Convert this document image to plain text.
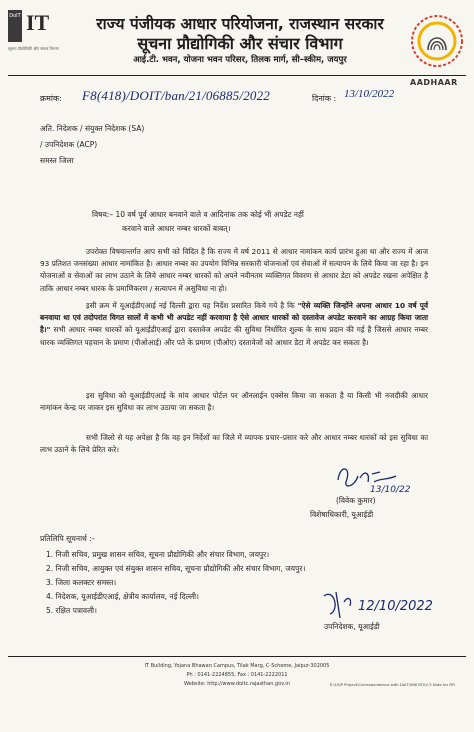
DoIT IT
सूचना प्रौद्योगिकी और संचार विभाग
राज्य पंजीयक आधार परियोजना, राजस्थान सरकार
सूचना प्रौद्योगिकी और संचार विभाग
आई.टी. भवन, योजना भवन परिसर, तिलक मार्ग, सी–स्कीम, जयपुर
AADHAAR
क्रमांक: F8(418)/DOIT/ban/21/06885/2022	दिनांक : 13/10/2022
अति. निदेशक / संयुक्त निदेशक (SA)
/ उपनिदेशक (ACP)
समस्त जिला
विषय:– 10 वर्ष पूर्व आधार बनवाने वाले व आदिनांक तक कोई भी अपडेट नहीं
करवाने वाले आधार नम्बर धारकों बाबत्।
उपरोक्त विषयान्तर्गत आप सभी को विदित है कि राज्य में वर्ष 2011 से आधार नामांकन कार्य प्रारंभ हुआ था और राज्य में आज 93 प्रतिशत जनसंख्या आधार नामांकित है। आधार नम्बर का उपयोग विभिन्न सरकारी योजनाओं एवं सेवाओं में सत्यापन के लिये किया जा रहा है। इन योजनाओं व सेवाओं का लाभ उठाने के लिये आधार नम्बर धारकों को अपने नवीनतम व्यक्तिगत विवरण से आधार डेटा को अपडेट रखना अपेक्षित है ताकि आधार नम्बर धारक के प्रमाणिकरण / सत्यापन में असुविधा ना हो।
इसी क्रम में यूआईडीएआई नई दिल्ली द्वारा यह निर्देश प्रसारित किये गये है कि "ऐसे व्यक्ति जिन्होंने अपना आधार 10 वर्ष पूर्व बनवाया था एवं तदोपरांत विगत सालों में कभी भी अपडेट नहीं करवाया है ऐसे आधार धारकों को दस्तावेज अपडेट करवाने का आग्रह किया जाता है।" सभी आधार नम्बर धारकों को यूआईडीएआई द्वारा दस्तावेज अपडेट की सुविधा निर्धारित शुल्क के साथ प्रदान की गई है जिससे आधार नम्बर धारक व्यक्तिगत पहचान के प्रमाण (पीओआई) और पते के प्रमाण (पीओए) दस्तावेजों को आधार डेटा में अपडेट कर सकता है।
इस सुविधा को यूआईडीएआई के मांय आधार पोर्टल पर ऑनलाईन एक्सेस किया जा सकता है या किसी भी नजदीकी आधार नामांकन केन्द्र पर जाकर इस सुविधा का लाभ उठाया जा सकता है।
सभी जिलो से यह अपेक्षा है कि वह इन निर्देशों का जिले में व्यापक प्रचार–प्रसार करे और आधार नम्बर धारकों को इस सुविधा का लाभ उठाने के लिये प्रेरित करे।
13/10/22
(विवेक कुमार)
विशेषाधिकारी, यूआईडी
प्रतिलिपि सूचनार्थ :-
1. निजी सचिव, प्रमुख शासन सचिव, सूचना प्रौद्योगिकी और संचार विभाग, जयपुर।
2. निजी सचिव, आयुक्त एवं संयुक्त शासन सचिव, सूचना प्रौद्योगिकी और संचार विभाग, जयपुर।
3. जिला कलक्टर समस्त।
4. निदेशक, यूआईडीएआई, क्षेत्रीय कार्यालय, नई दिल्ली।
5. रक्षित पत्रावली।	12/10/2022
उपनिदेशक, यूआईडी
IT Building, Yojana Bhawan Campus, Tilak Marg, C-Scheme, Jaipur-302005
Ph : 0141-2224855, Fax : 0141-2222011
Website: http://www.doitc.rajasthan.gov.in	E:\UGP Project\Correspondence with DoIT\568 RTI\V-3 Note for RTI
